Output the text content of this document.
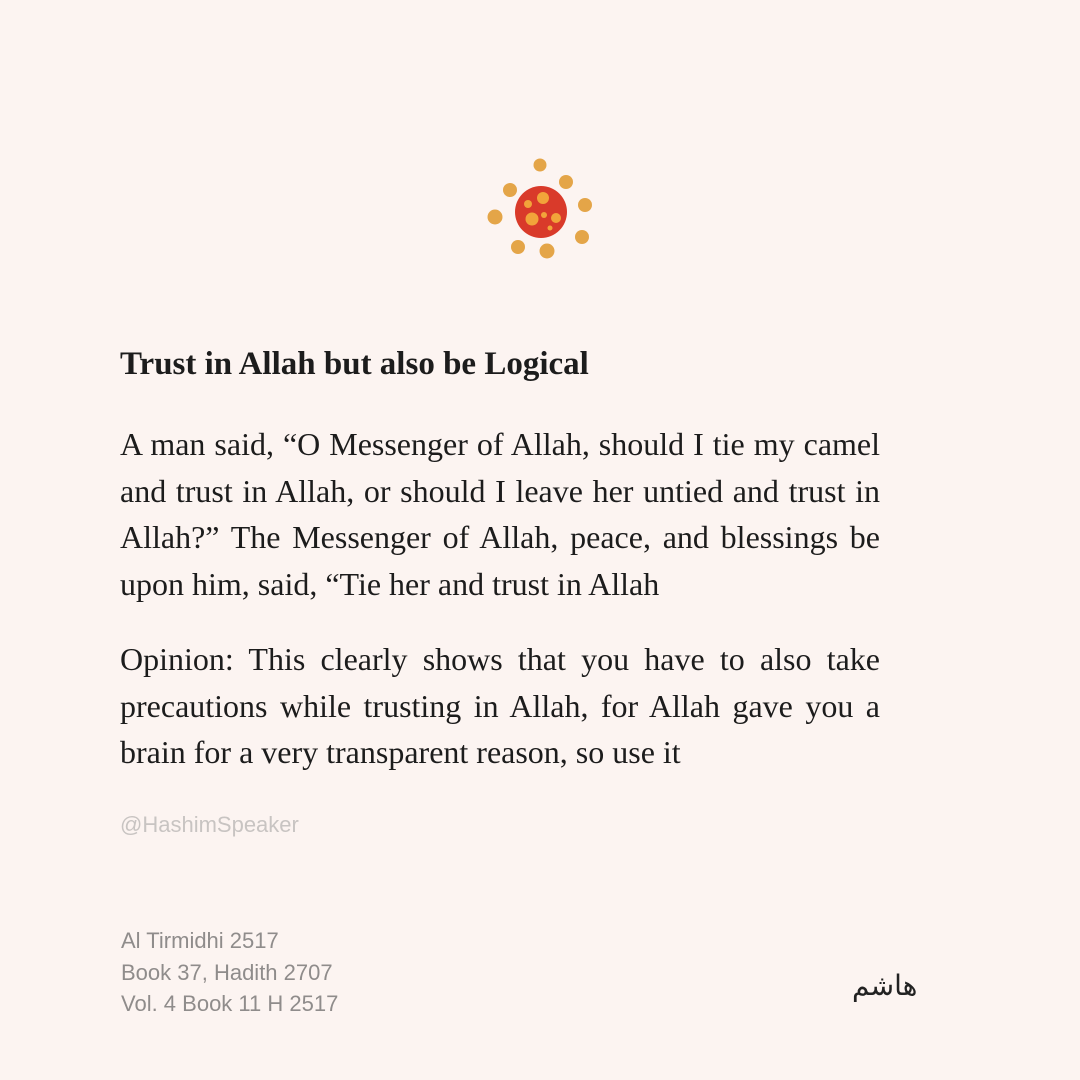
Trust in Allah but also be Logical

A man said, “O Messenger of Allah, should I tie my camel and trust in Allah, or should I leave her untied and trust in Allah?” The Messenger of Allah, peace, and blessings be upon him, said, “Tie her and trust in Allah

Opinion: This clearly shows that you have to also take precautions while trusting in Allah, for Allah gave you a brain for a very transparent reason, so use it

@HashimSpeaker
Al Tirmidhi 2517
Book 37, Hadith 2707
Vol. 4 Book 11 H 2517
هاشم
